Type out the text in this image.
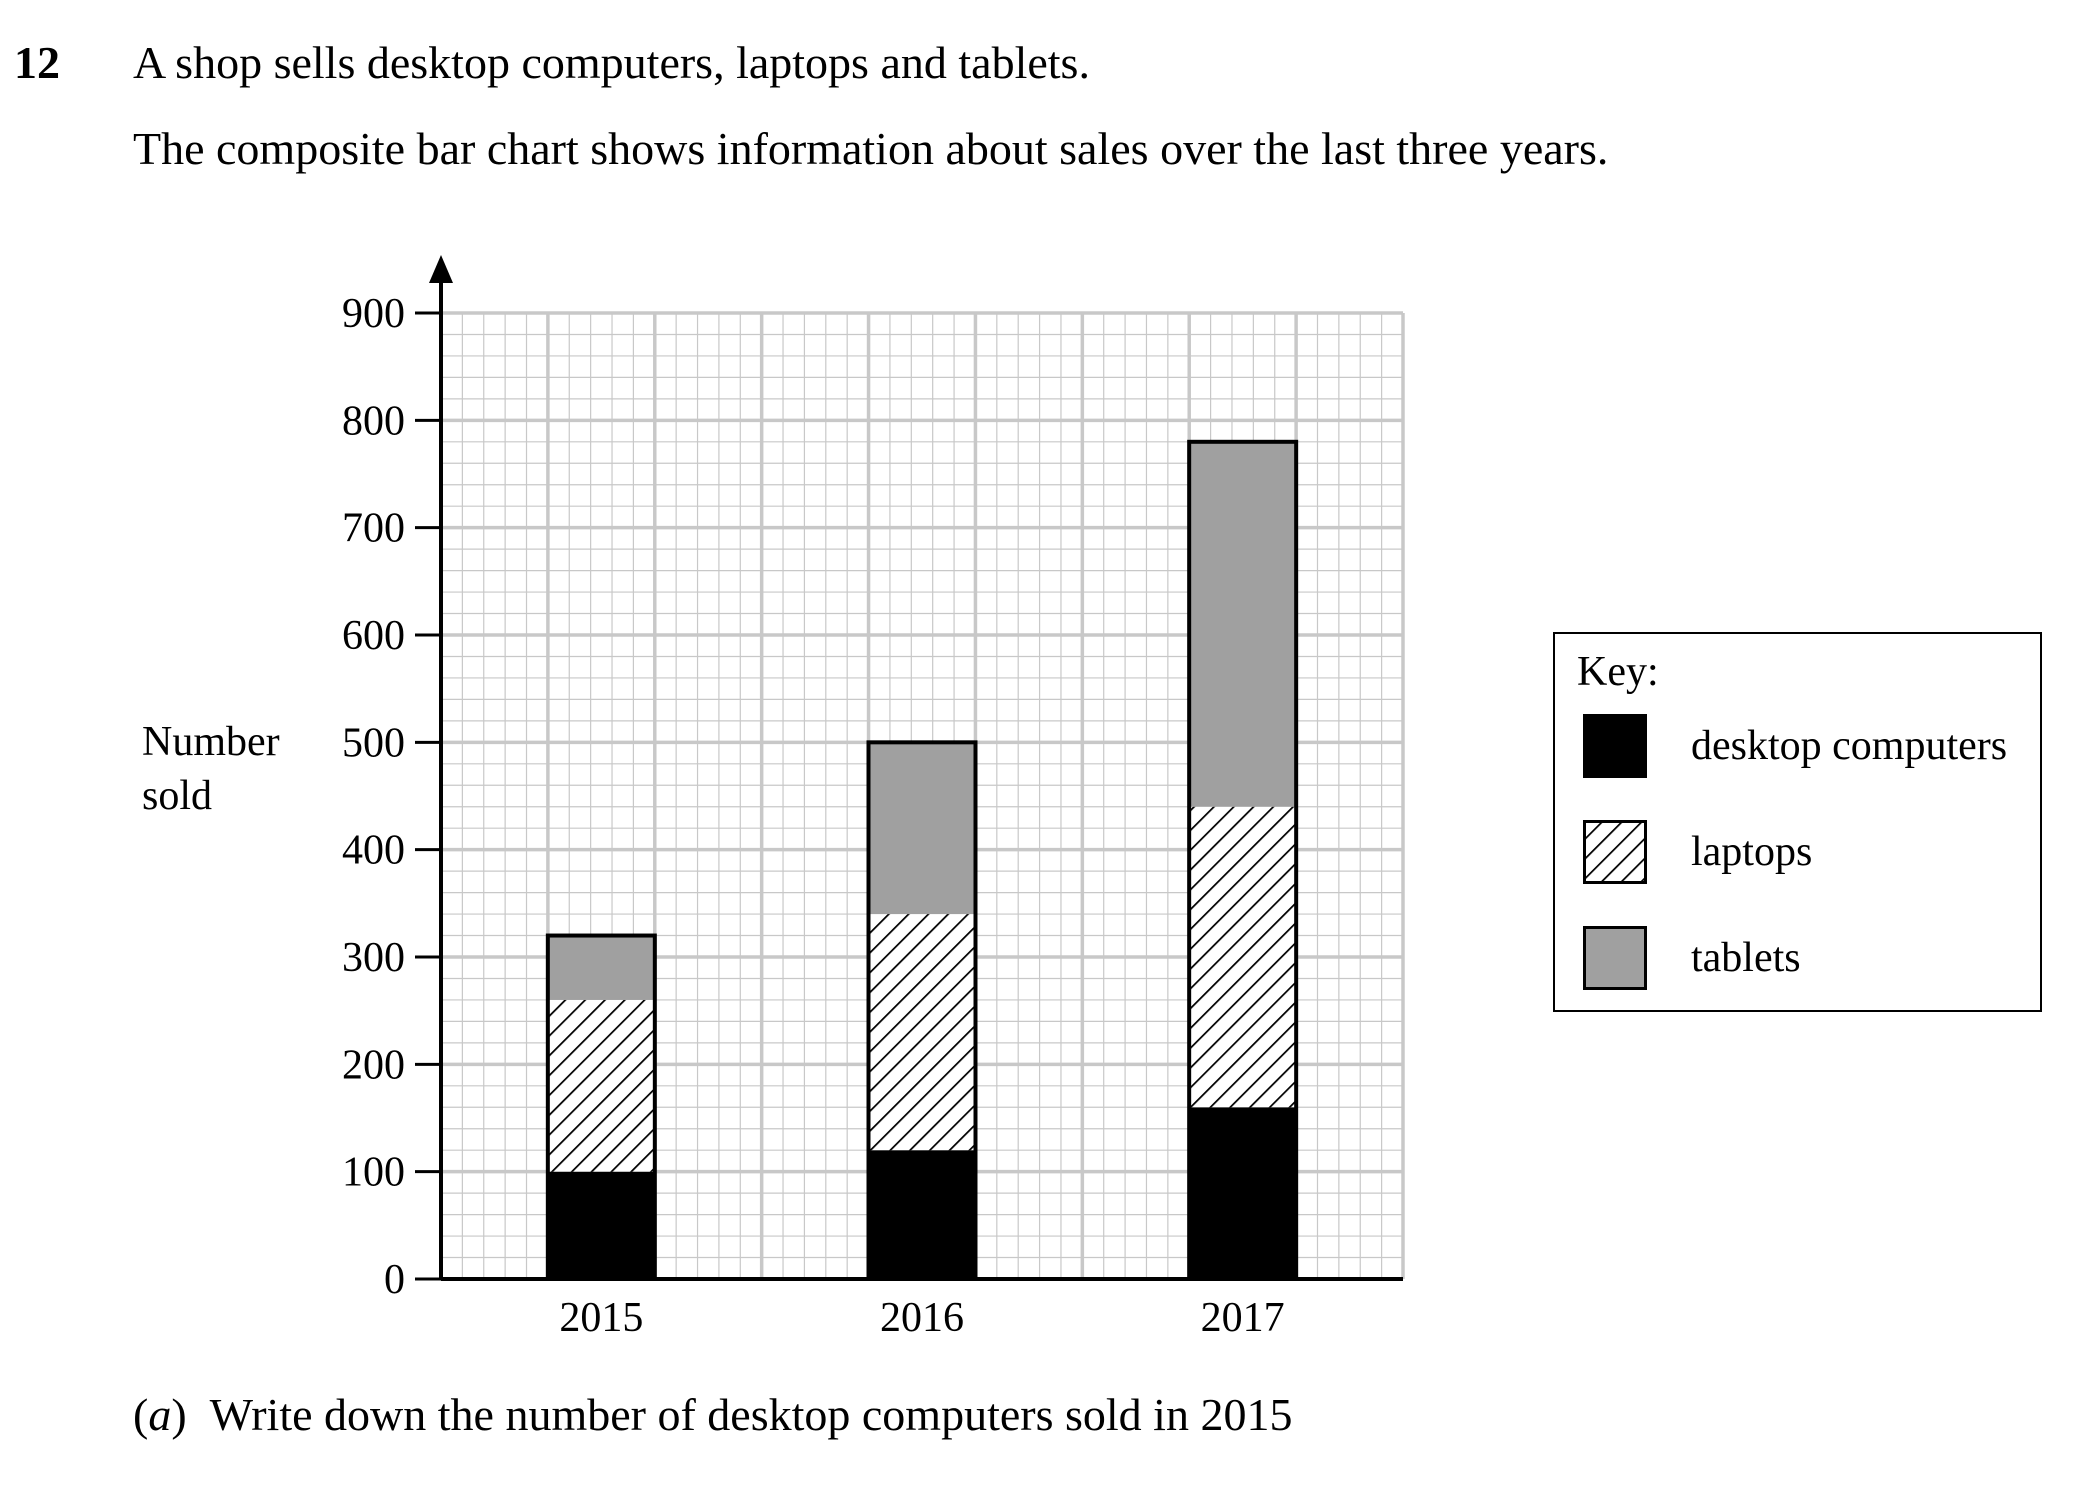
12 A shop sells desktop computers, laptops and tablets.
The composite bar chart shows information about sales over the last three years.
Number
sold
0
100
200
300
400
500
600
700
800
900
2015	2016	2017
Key:
desktop computers
laptops
tablets
(a) Write down the number of desktop computers sold in 2015
